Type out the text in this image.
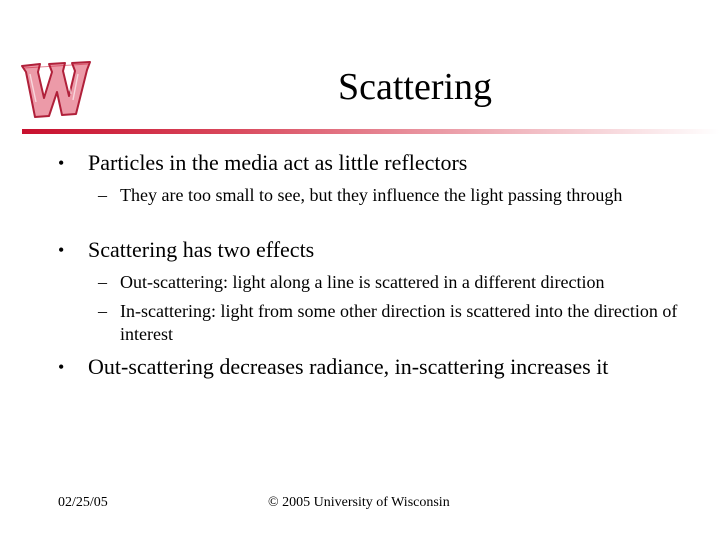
Scattering
• Particles in the media act as little reflectors
– They are too small to see, but they influence the light passing through
• Scattering has two effects
– Out-scattering: light along a line is scattered in a different direction
– In-scattering: light from some other direction is scattered into the direction of interest
• Out-scattering decreases radiance, in-scattering increases it
02/25/05	© 2005 University of Wisconsin
